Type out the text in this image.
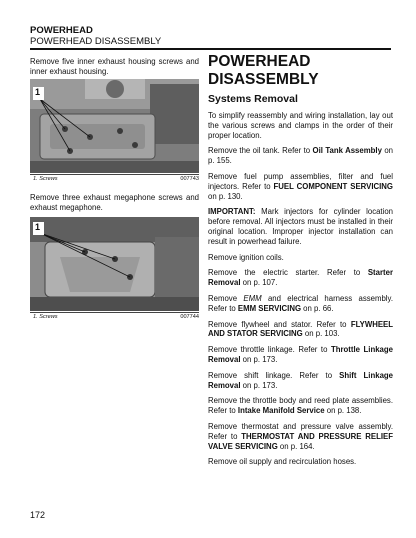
POWERHEAD
POWERHEAD DISASSEMBLY

Remove five inner exhaust housing screws and inner exhaust housing.

1
1. Screws	007743

Remove three exhaust megaphone screws and exhaust megaphone.

1
1. Screws	007744
POWERHEAD DISASSEMBLY
Systems Removal

To simplify reassembly and wiring installation, lay out the various screws and clamps in the order of their proper location.

Remove the oil tank. Refer to Oil Tank Assembly on p. 155.

Remove fuel pump assemblies, filter and fuel injectors. Refer to FUEL COMPONENT SERVICING on p. 130.

IMPORTANT: Mark injectors for cylinder location before removal. All injectors must be installed in their original location. Improper injector installation can result in powerhead failure.

Remove ignition coils.

Remove the electric starter. Refer to Starter Removal on p. 107.

Remove EMM and electrical harness assembly. Refer to EMM SERVICING on p. 66.

Remove flywheel and stator. Refer to FLYWHEEL AND STATOR SERVICING on p. 103.

Remove throttle linkage. Refer to Throttle Linkage Removal on p. 173.

Remove shift linkage. Refer to Shift Linkage Removal on p. 173.

Remove the throttle body and reed plate assemblies. Refer to Intake Manifold Service on p. 138.

Remove thermostat and pressure valve assembly. Refer to THERMOSTAT AND PRESSURE RELIEF VALVE SERVICING on p. 164.

Remove oil supply and recirculation hoses.

172
